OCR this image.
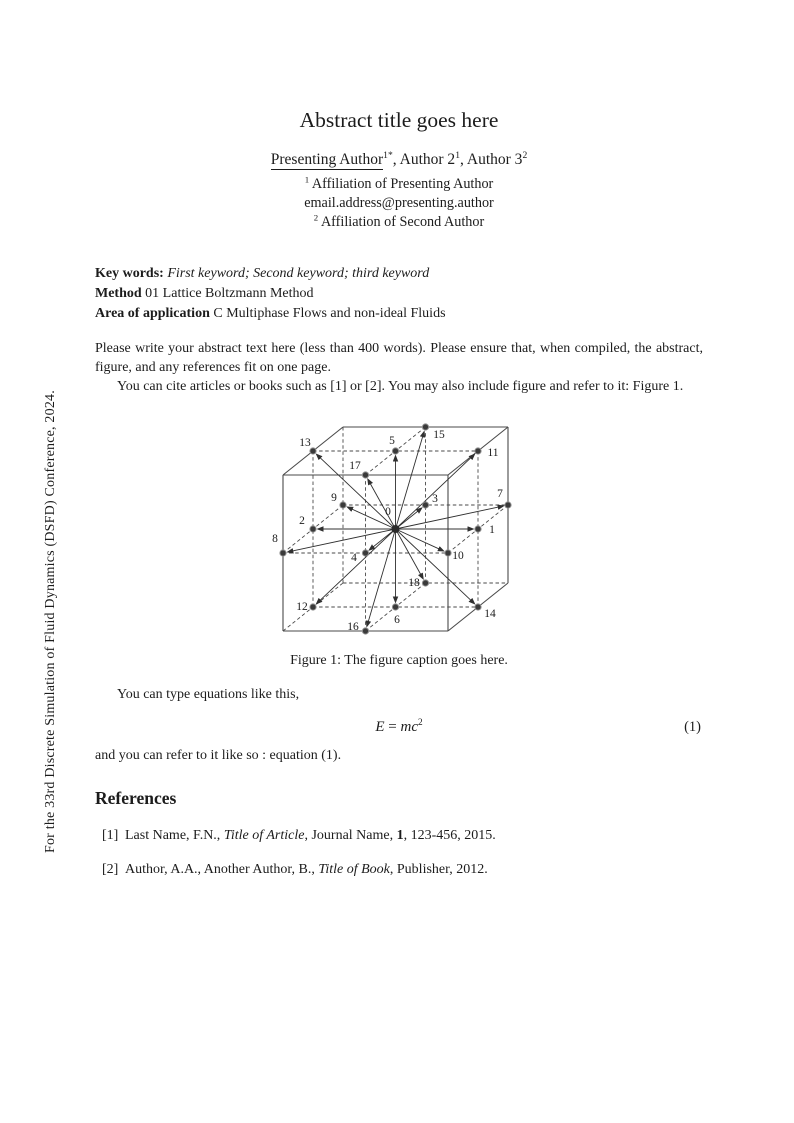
For the 33rd Discrete Simulation of Fluid Dynamics (DSFD) Conference, 2024.	1
2
3
4
5
6
7
8
9
10
11
12
13
14
15
16
17
18
0
Abstract title goes here
Presenting Author$^{1*}$, Author $2^1$, Author $3^2$
$^1$ Affiliation of Presenting Author
email.address@presenting.author
$^2$ Affiliation of Second Author
Key words: First keyword; Second keyword; third keyword
Method 01 Lattice Boltzmann Method
Area of application C Multiphase Flows and non-ideal Fluids

Please write your abstract text here (less than 400 words). Please ensure that, when compiled, the abstract, figure, and any references fit on one page.

You can cite articles or books such as [1] or [2]. You may also include figure and refer to it: Figure 1.

Figure 1: The figure caption goes here.
You can type equations like this,
$E = mc^2$	(1)
and you can refer to it like so : equation (1).
References
[1] Last Name, F.N., Title of Article, Journal Name, 1, 123-456, 2015.
[2] Author, A.A., Another Author, B., Title of Book, Publisher, 2012.
